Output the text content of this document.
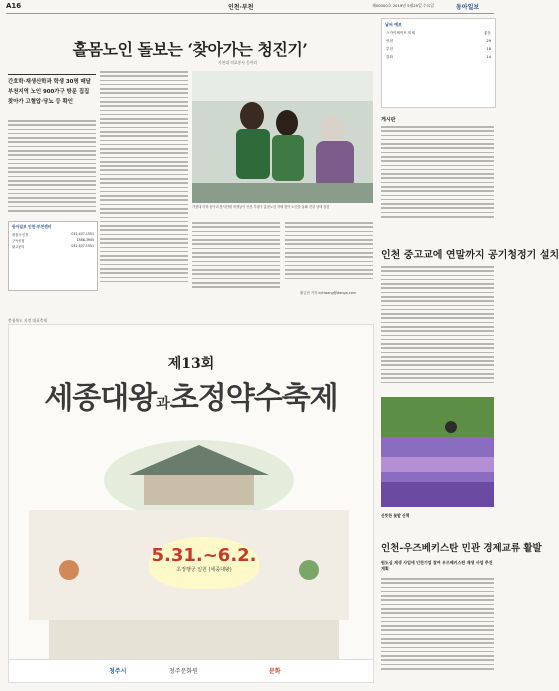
A16	인천·부천	제00000호 2019년 5월29일 수요일	동아일보
홀몸노인 돌보는 ‘찾아가는 청진기’
가천대 의료봉사 동아리
간호학·재생산학과 학생 30명 매달 부천지역 노인 900가구 방문 집집 찾아가 고혈압·당뇨 등 확인
가천대 의학 동아리 봉사단원 학생들이 인천 부평구 홀몸노인 자택 찾아 노인을 돌봐 건강 상태 점검
황금천 기자 kchwang@donga.com
동아일보 인천·부천센터
편집국·인천	032-437-1551
구독신청	1588-3900
광고문의	032-437-1551
충청북도 지정 대표축제
제13회
세종대왕과초정약수축제
5.31.~6.2.
초정행궁 일원 (세종대왕)
청주시	청주문화원	문화
날씨 예보
스카이세이프 미세	좋음
인천	29
부천	18
강화	14
게시판
인천 중고교에 연말까지 공기청정기 설치
산뜻한 꽃밭 산책
인천-우즈베키스탄 민관 경제교류 활발
원도심 재생 사업에 인천기업 참여 우즈베키스탄 재생 사업 추진 계획
